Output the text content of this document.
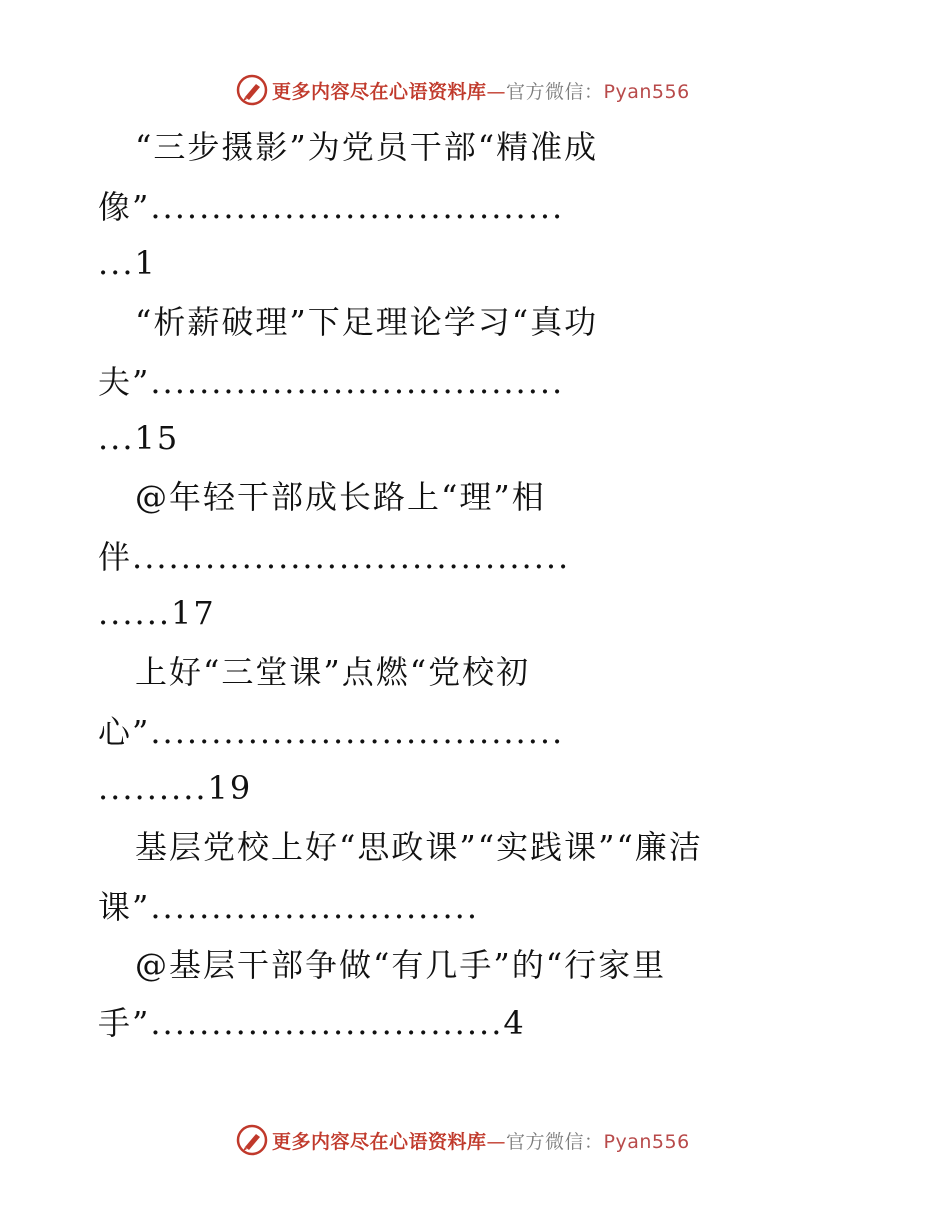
更多内容尽在心语资料库—官方微信：Pyan556
“三步摄影”为党员干部“精准成
像”..................................
...1
“析薪破理”下足理论学习“真功
夫”..................................
...15
@年轻干部成长路上“理”相
伴....................................
......17
上好“三堂课”点燃“党校初
心”..................................
.........19
基层党校上好“思政课”“实践课”“廉洁
课”...........................
@基层干部争做“有几手”的“行家里
手”.............................4
更多内容尽在心语资料库—官方微信：Pyan556
